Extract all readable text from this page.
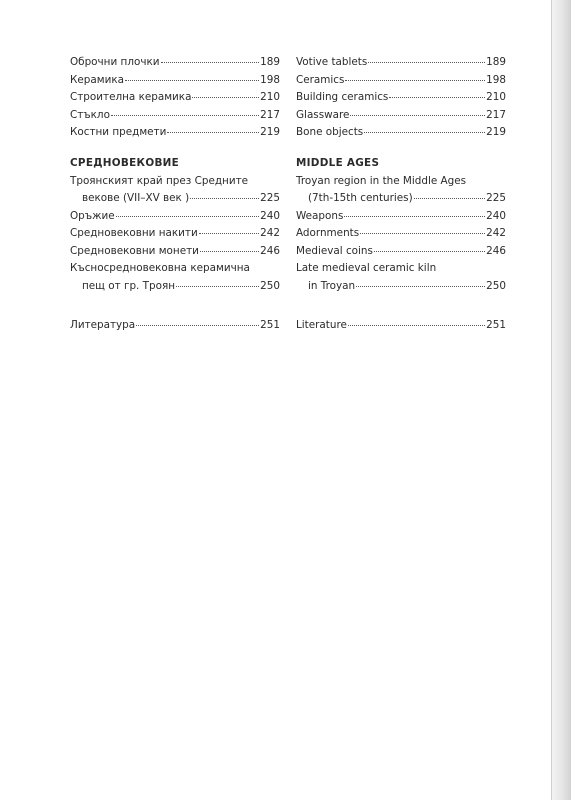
Оброчни плочки	189
Керамика	198
Строителна керамика	210
Стъкло	217
Костни предмети	219
СРЕДНОВЕКОВИЕ
Троянският край през Средните
векове (VII–XV век )	225
Оръжие	240
Средновековни накити	242
Средновековни монети	246
Късносредновековна керамична
пещ от гр. Троян	250
Литература	251
Votive tablets	189
Ceramics	198
Building ceramics	210
Glassware	217
Bone objects	219
MIDDLE AGES
Troyan region in the Middle Ages
(7th-15th centuries)	225
Weapons	240
Adornments	242
Medieval coins	246
Late medieval ceramic kiln
in Troyan	250
Literature	251
